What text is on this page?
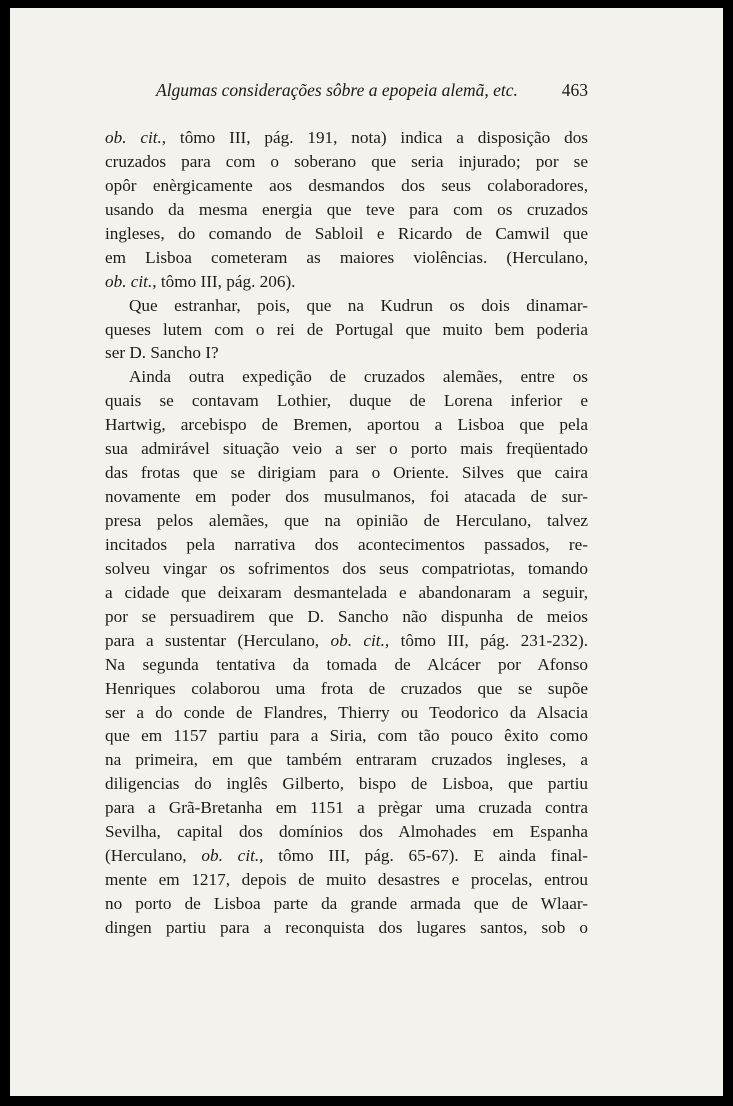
Algumas considerações sôbre a epopeia alemã, etc.	463
ob. cit., tômo III, pág. 191, nota) indica a disposição dos
cruzados para com o soberano que seria injurado; por se
opôr enèrgicamente aos desmandos dos seus colaboradores,
usando da mesma energia que teve para com os cruzados
ingleses, do comando de Sabloil e Ricardo de Camwil que
em Lisboa cometeram as maiores violências. (Herculano,
ob. cit., tômo III, pág. 206).
Que estranhar, pois, que na Kudrun os dois dinamar-
queses lutem com o rei de Portugal que muito bem poderia
ser D. Sancho I?
Ainda outra expedição de cruzados alemães, entre os
quais se contavam Lothier, duque de Lorena inferior e
Hartwig, arcebispo de Bremen, aportou a Lisboa que pela
sua admirável situação veio a ser o porto mais freqüentado
das frotas que se dirigiam para o Oriente. Silves que caira
novamente em poder dos musulmanos, foi atacada de sur-
presa pelos alemães, que na opinião de Herculano, talvez
incitados pela narrativa dos acontecimentos passados, re-
solveu vingar os sofrimentos dos seus compatriotas, tomando
a cidade que deixaram desmantelada e abandonaram a seguir,
por se persuadirem que D. Sancho não dispunha de meios
para a sustentar (Herculano, ob. cit., tômo III, pág. 231-232).
Na segunda tentativa da tomada de Alcácer por Afonso
Henriques colaborou uma frota de cruzados que se supõe
ser a do conde de Flandres, Thierry ou Teodorico da Alsacia
que em 1157 partiu para a Siria, com tão pouco êxito como
na primeira, em que também entraram cruzados ingleses, a
diligencias do inglês Gilberto, bispo de Lisboa, que partiu
para a Grã-Bretanha em 1151 a prègar uma cruzada contra
Sevilha, capital dos domínios dos Almohades em Espanha
(Herculano, ob. cit., tômo III, pág. 65-67). E ainda final-
mente em 1217, depois de muito desastres e procelas, entrou
no porto de Lisboa parte da grande armada que de Wlaar-
dingen partiu para a reconquista dos lugares santos, sob o
